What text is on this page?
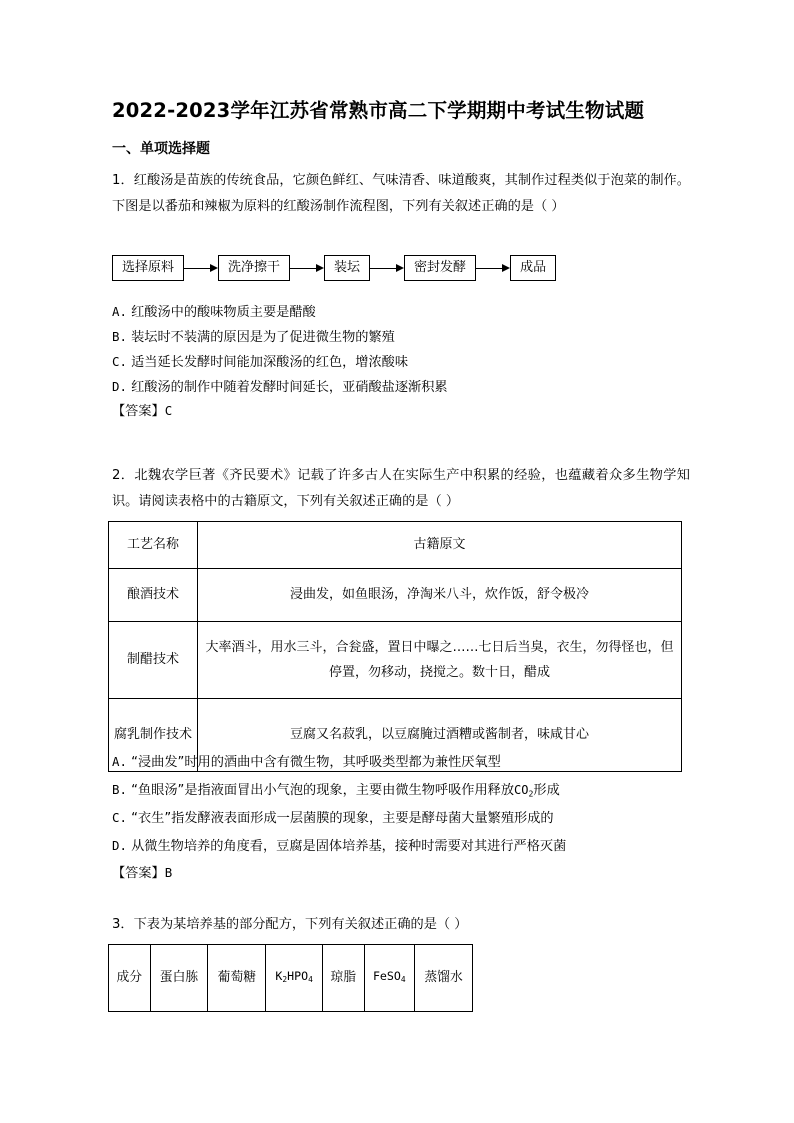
2022-2023学年江苏省常熟市高二下学期期中考试生物试题
一、单项选择题
1．红酸汤是苗族的传统食品，它颜色鲜红、气味清香、味道酸爽，其制作过程类似于泡菜的制作。下图是以番茄和辣椒为原料的红酸汤制作流程图，下列有关叙述正确的是（ ）
选择原料	洗净擦干	装坛	密封发酵	成品
A. 红酸汤中的酸味物质主要是醋酸
B. 装坛时不装满的原因是为了促进微生物的繁殖
C. 适当延长发酵时间能加深酸汤的红色，增浓酸味
D. 红酸汤的制作中随着发酵时间延长，亚硝酸盐逐渐积累
【答案】C
2．北魏农学巨著《齐民要术》记载了许多古人在实际生产中积累的经验，也蕴藏着众多生物学知识。请阅读表格中的古籍原文，下列有关叙述正确的是（ ）
工艺名称	古籍原文
酿酒技术	浸曲发，如鱼眼汤，净淘米八斗，炊作饭，舒令极冷
制醋技术	大率酒斗，用水三斗，合瓮盛，置日中曝之……七日后当臭，衣生，勿得怪也，但停置，勿移动，挠搅之。数十日，醋成
腐乳制作技术	豆腐又名菽乳，以豆腐腌过酒糟或酱制者，味咸甘心
A. “浸曲发”时用的酒曲中含有微生物，其呼吸类型都为兼性厌氧型
B. “鱼眼汤”是指液面冒出小气泡的现象，主要由微生物呼吸作用释放$CO_2$形成
C. “衣生”指发酵液表面形成一层菌膜的现象，主要是酵母菌大量繁殖形成的
D. 从微生物培养的角度看，豆腐是固体培养基，接种时需要对其进行严格灭菌
【答案】B
3．下表为某培养基的部分配方，下列有关叙述正确的是（ ）
成分	蛋白胨	葡萄糖	$K_2HPO_4$	琼脂	FeSO$_4$	蒸馏水
